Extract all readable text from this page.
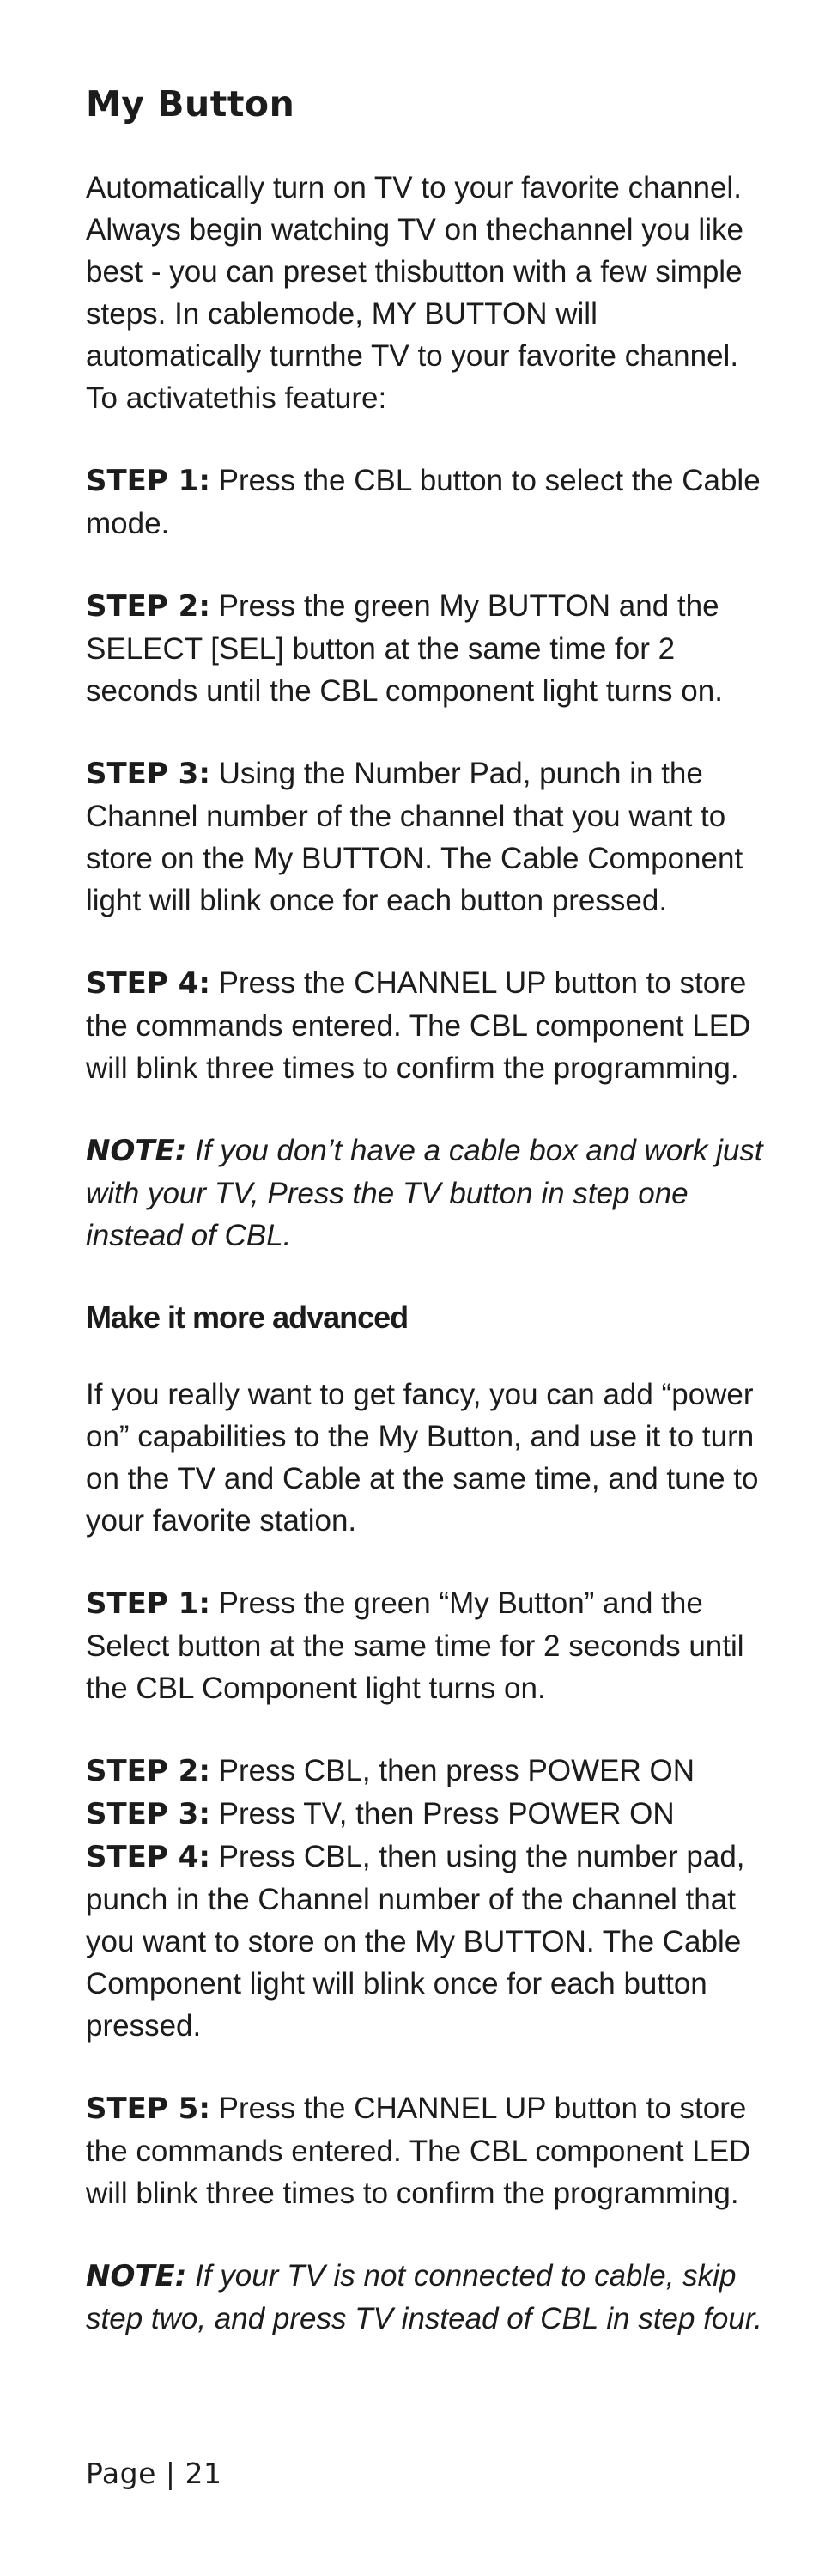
My Button

Automatically turn on TV to your favorite channel. Always begin watching TV on thechannel you like best - you can preset thisbutton with a few simple steps. In cablemode, MY BUTTON will automatically turnthe TV to your favorite channel. To activatethis feature:

STEP 1: Press the CBL button to select the Cable mode.

STEP 2: Press the green My BUTTON and the SELECT [SEL] button at the same time for 2 seconds until the CBL component light turns on.

STEP 3: Using the Number Pad, punch in the Channel number of the channel that you want to store on the My BUTTON. The Cable Component light will blink once for each button pressed.

STEP 4: Press the CHANNEL UP button to store the commands entered. The CBL component LED will blink three times to confirm the programming.

NOTE: If you don’t have a cable box and work just with your TV, Press the TV button in step one instead of CBL.

Make it more advanced

If you really want to get fancy, you can add “power on” capabilities to the My Button, and use it to turn on the TV and Cable at the same time, and tune to your favorite station.

STEP 1: Press the green “My Button” and the Select button at the same time for 2 seconds until the CBL Component light turns on.

STEP 2: Press CBL, then press POWER ON

STEP 3: Press TV, then Press POWER ON

STEP 4: Press CBL, then using the number pad, punch in the Channel number of the channel that you want to store on the My BUTTON. The Cable Component light will blink once for each button pressed.

STEP 5: Press the CHANNEL UP button to store the commands entered. The CBL component LED will blink three times to confirm the programming.

NOTE: If your TV is not connected to cable, skip step two, and press TV instead of CBL in step four.

Page | 21
